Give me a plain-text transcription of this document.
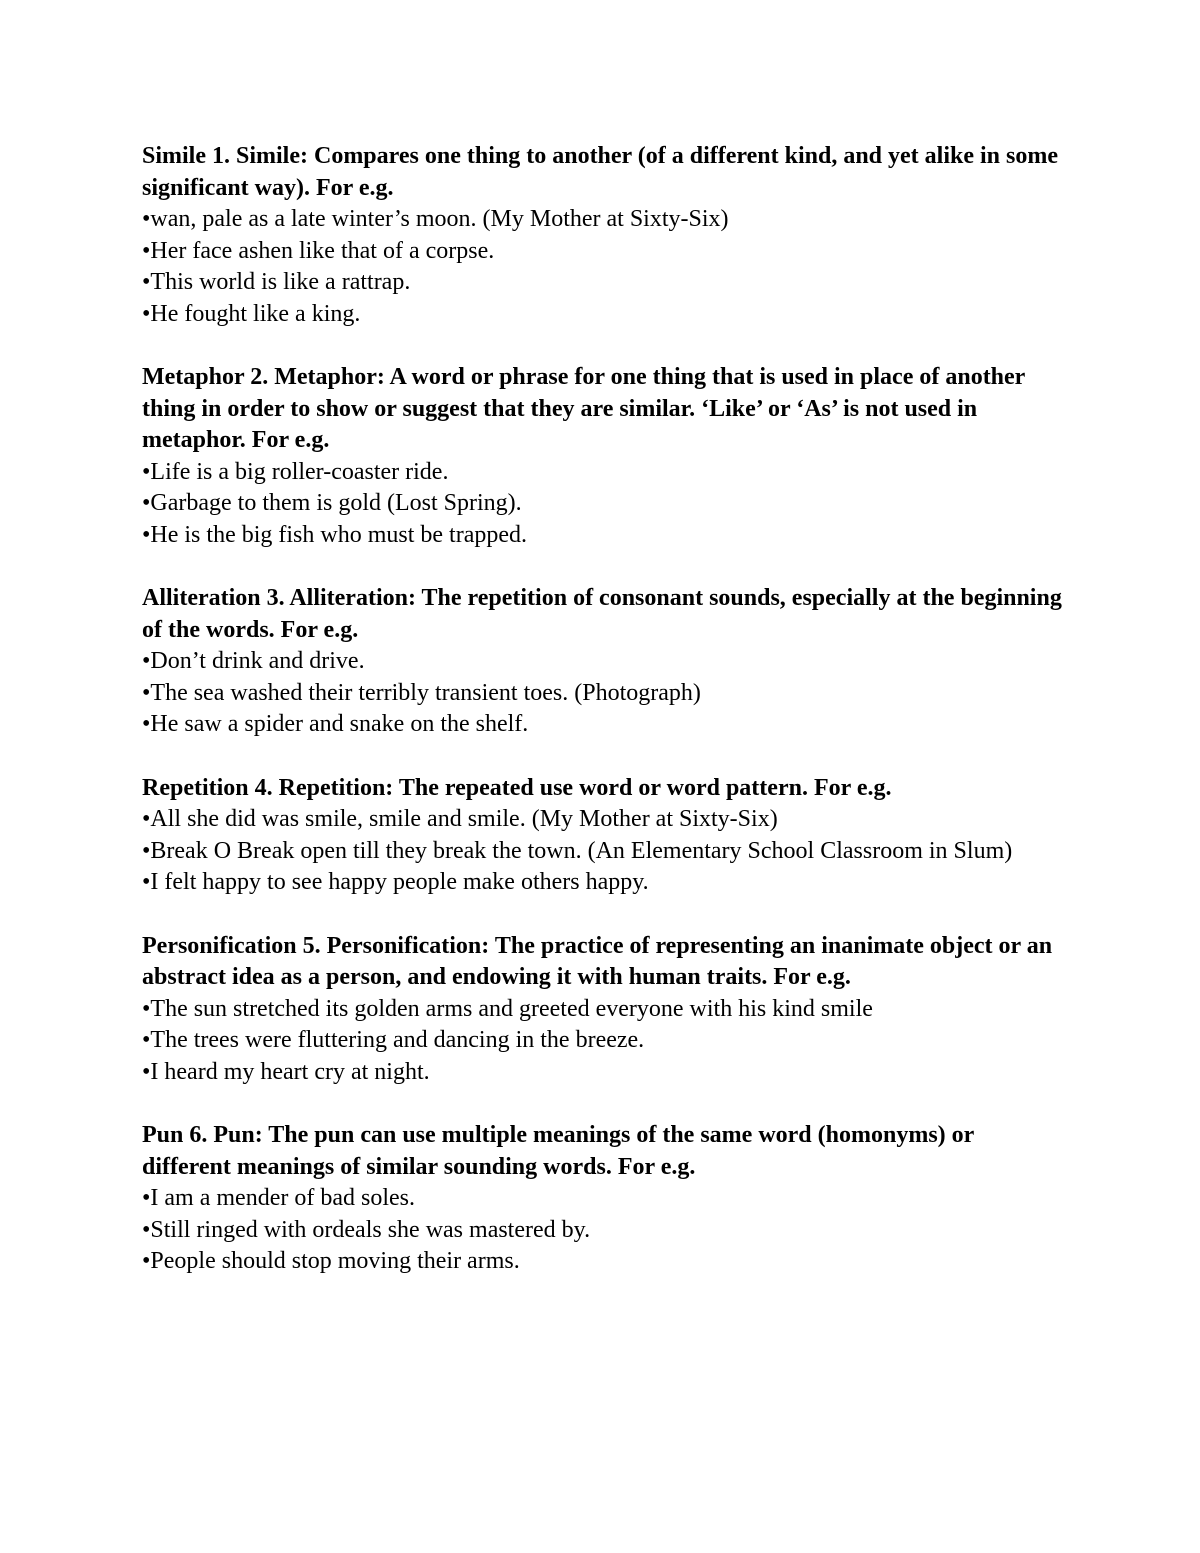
Simile 1. Simile: Compares one thing to another (of a different kind, and yet alike in some significant way). For e.g.

•wan, pale as a late winter’s moon. (My Mother at Sixty-Six)

•Her face ashen like that of a corpse.

•This world is like a rattrap.

•He fought like a king.

Metaphor 2. Metaphor: A word or phrase for one thing that is used in place of another thing in order to show or suggest that they are similar. ‘Like’ or ‘As’ is not used in metaphor. For e.g.

•Life is a big roller-coaster ride.

•Garbage to them is gold (Lost Spring).

•He is the big fish who must be trapped.

Alliteration 3. Alliteration: The repetition of consonant sounds, especially at the beginning of the words. For e.g.

•Don’t drink and drive.

•The sea washed their terribly transient toes. (Photograph)

•He saw a spider and snake on the shelf.

Repetition 4. Repetition: The repeated use word or word pattern. For e.g.

•All she did was smile, smile and smile. (My Mother at Sixty-Six)

•Break O Break open till they break the town. (An Elementary School Classroom in Slum)

•I felt happy to see happy people make others happy.

Personification 5. Personification: The practice of representing an inanimate object or an abstract idea as a person, and endowing it with human traits. For e.g.

•The sun stretched its golden arms and greeted everyone with his kind smile

•The trees were fluttering and dancing in the breeze.

•I heard my heart cry at night.

Pun 6. Pun: The pun can use multiple meanings of the same word (homonyms) or different meanings of similar sounding words. For e.g.

•I am a mender of bad soles.

•Still ringed with ordeals she was mastered by.

•People should stop moving their arms.
